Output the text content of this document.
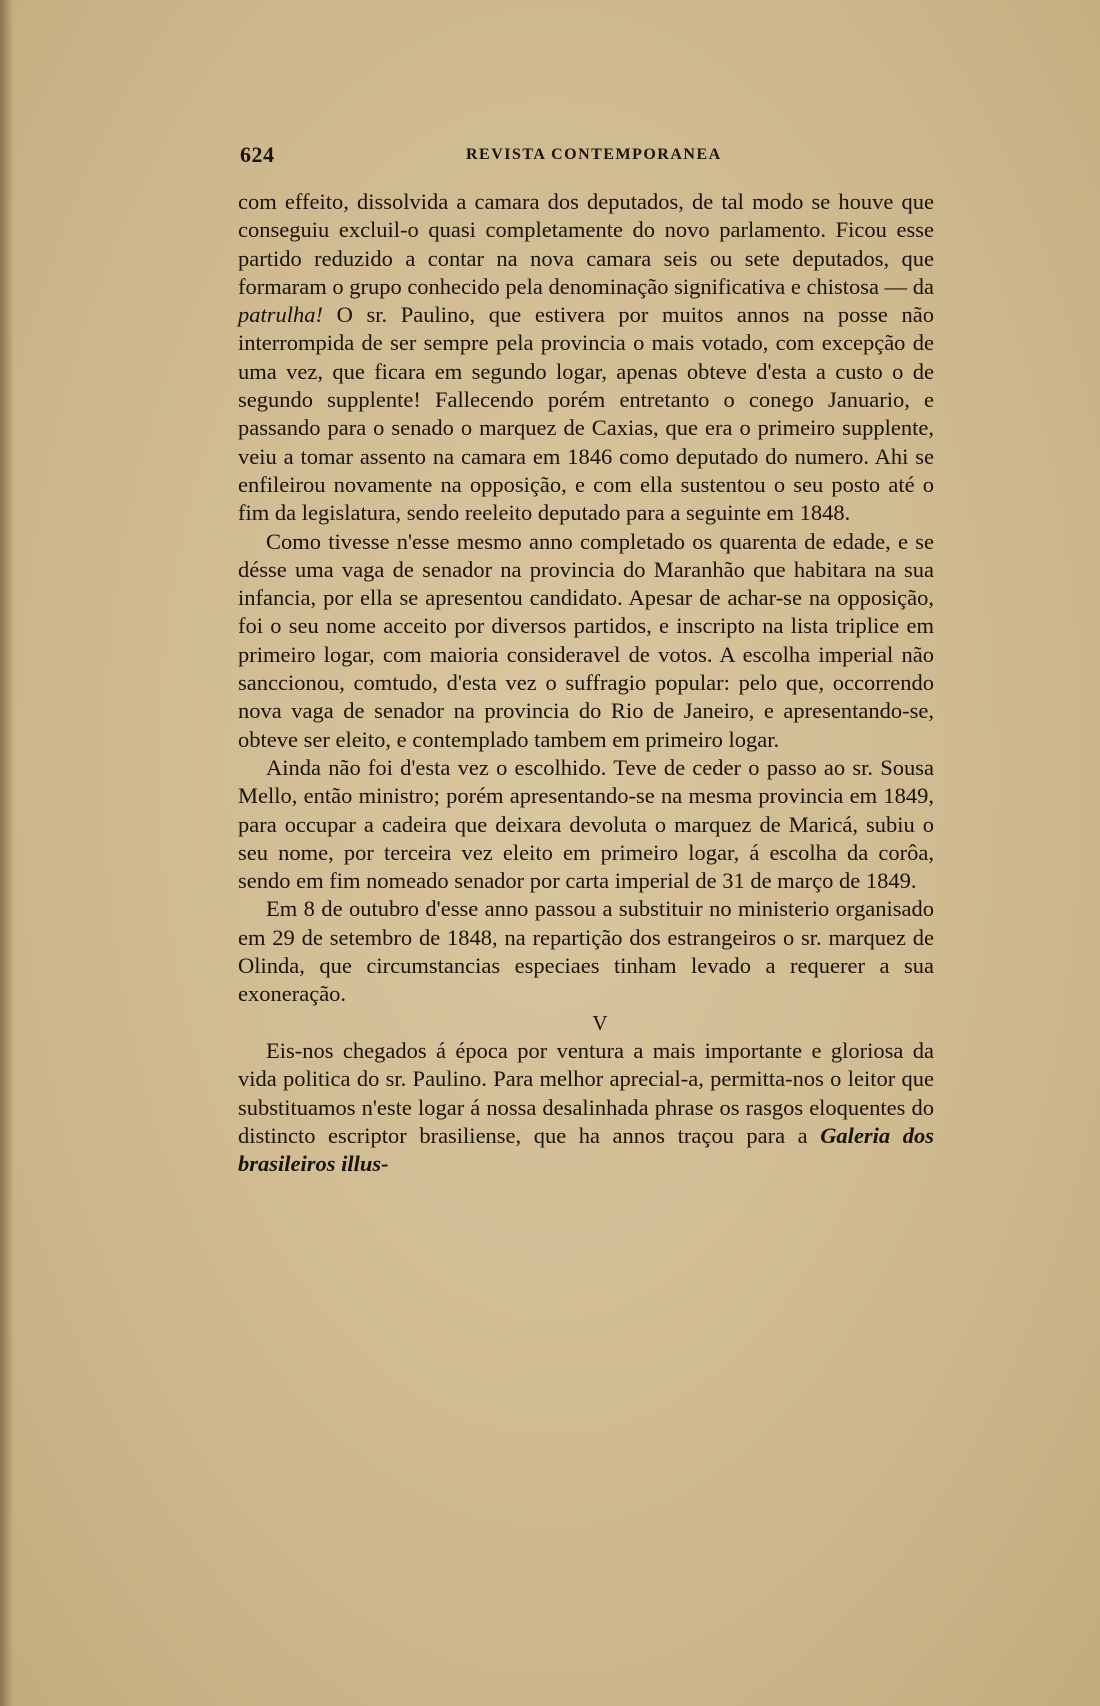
624	REVISTA CONTEMPORANEA

com effeito, dissolvida a camara dos deputados, de tal modo se houve que conseguiu excluil-o quasi completamente do novo parlamento. Ficou esse partido reduzido a contar na nova camara seis ou sete deputados, que formaram o grupo conhecido pela denominação significativa e chistosa — da patrulha! O sr. Paulino, que estivera por muitos annos na posse não interrompida de ser sempre pela provincia o mais votado, com excepção de uma vez, que ficara em segundo logar, apenas obteve d'esta a custo o de segundo supplente! Fallecendo porém entretanto o conego Januario, e passando para o senado o marquez de Caxias, que era o primeiro supplente, veiu a tomar assento na camara em 1846 como deputado do numero. Ahi se enfileirou novamente na opposição, e com ella sustentou o seu posto até o fim da legislatura, sendo reeleito deputado para a seguinte em 1848.

Como tivesse n'esse mesmo anno completado os quarenta de edade, e se désse uma vaga de senador na provincia do Maranhão que habitara na sua infancia, por ella se apresentou candidato. Apesar de achar-se na opposição, foi o seu nome acceito por diversos partidos, e inscripto na lista triplice em primeiro logar, com maioria consideravel de votos. A escolha imperial não sanccionou, comtudo, d'esta vez o suffragio popular: pelo que, occorrendo nova vaga de senador na provincia do Rio de Janeiro, e apresentando-se, obteve ser eleito, e contemplado tambem em primeiro logar.

Ainda não foi d'esta vez o escolhido. Teve de ceder o passo ao sr. Sousa Mello, então ministro; porém apresentando-se na mesma provincia em 1849, para occupar a cadeira que deixara devoluta o marquez de Maricá, subiu o seu nome, por terceira vez eleito em primeiro logar, á escolha da corôa, sendo em fim nomeado senador por carta imperial de 31 de março de 1849.

Em 8 de outubro d'esse anno passou a substituir no ministerio organisado em 29 de setembro de 1848, na repartição dos estrangeiros o sr. marquez de Olinda, que circumstancias especiaes tinham levado a requerer a sua exoneração.

V

Eis-nos chegados á época por ventura a mais importante e gloriosa da vida politica do sr. Paulino. Para melhor aprecial-a, permitta-nos o leitor que substituamos n'este logar á nossa desalinhada phrase os rasgos eloquentes do distincto escriptor brasiliense, que ha annos traçou para a Galeria dos brasileiros illus-
